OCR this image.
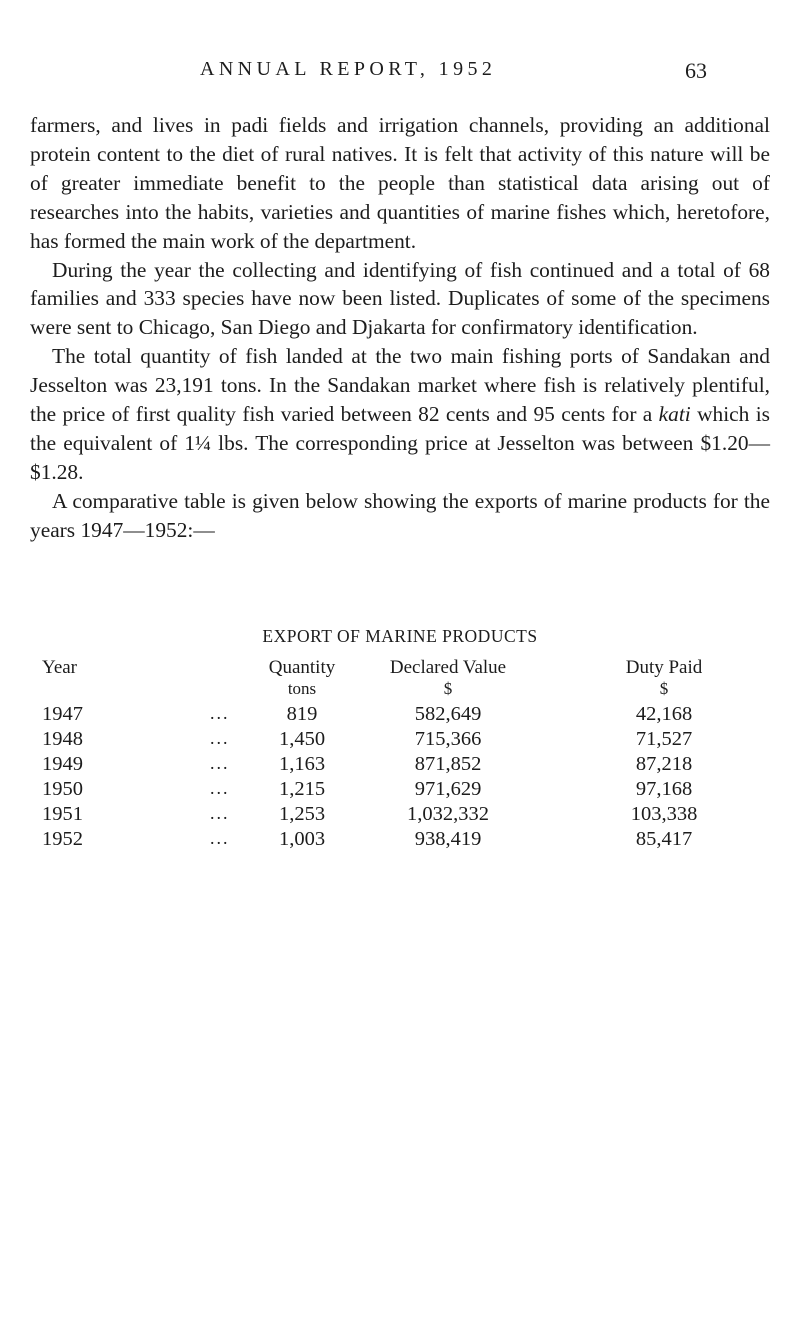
ANNUAL REPORT, 1952	63

farmers, and lives in padi fields and irrigation channels, providing an additional protein content to the diet of rural natives. It is felt that activity of this nature will be of greater immediate benefit to the people than statistical data arising out of researches into the habits, varieties and quantities of marine fishes which, heretofore, has formed the main work of the department.

During the year the collecting and identifying of fish continued and a total of 68 families and 333 species have now been listed. Duplicates of some of the specimens were sent to Chicago, San Diego and Djakarta for confirmatory identification.

The total quantity of fish landed at the two main fishing ports of Sandakan and Jesselton was 23,191 tons. In the Sandakan market where fish is relatively plentiful, the price of first quality fish varied between 82 cents and 95 cents for a kati which is the equivalent of 1¼ lbs. The corresponding price at Jesselton was between $1.20—$1.28.

A comparative table is given below showing the exports of marine products for the years 1947—1952:—

EXPORT OF MARINE PRODUCTS
Year	Quantity	Declared Value	Duty Paid
tons	$	$
1947	...	819	582,649	42,168
1948	... 1,450	715,366	71,527
1949	... 1,163	871,852	87,218
1950	... 1,215	971,629	97,168
1951	... 1,253	1,032,332	103,338
1952	... 1,003	938,419	85,417
